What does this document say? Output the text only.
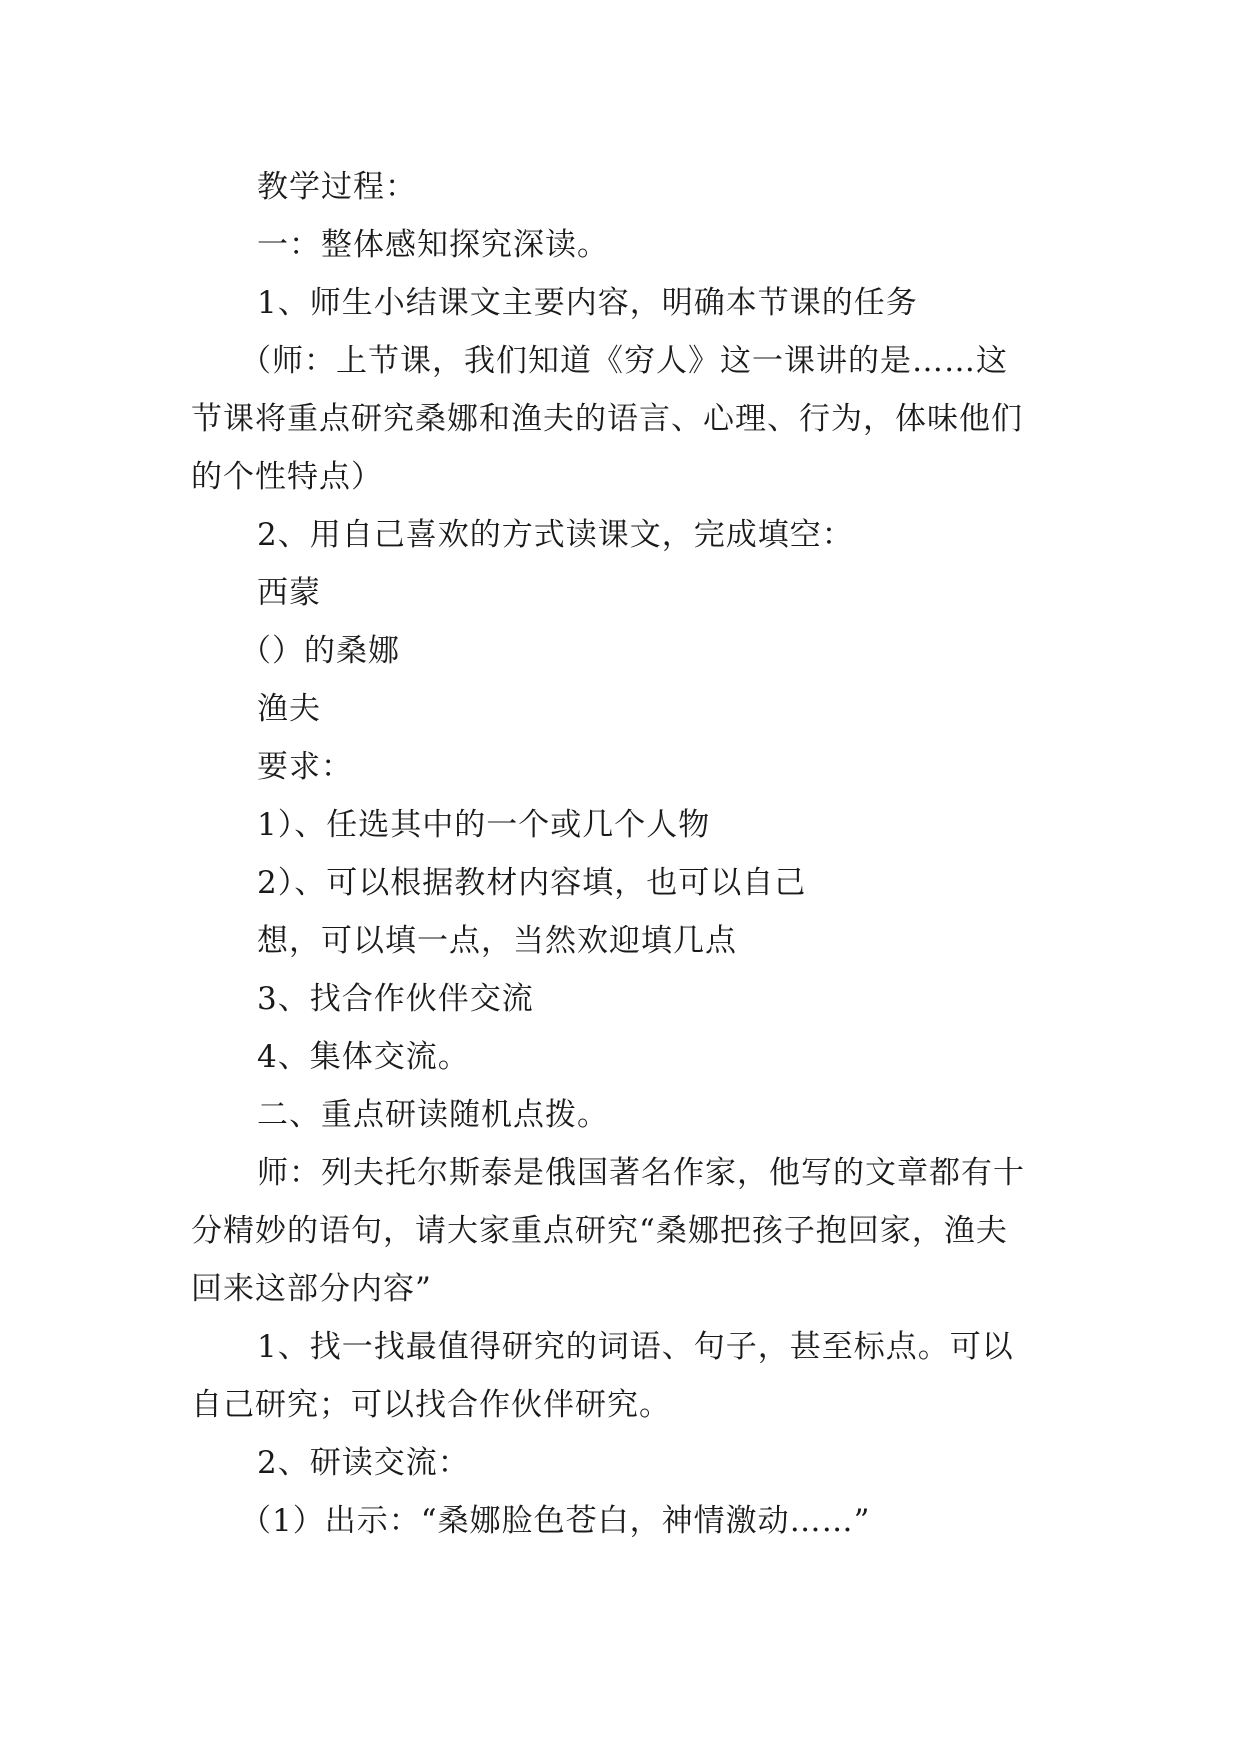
教学过程：
一：整体感知探究深读。
1、师生小结课文主要内容，明确本节课的任务
（师：上节课，我们知道《穷人》这一课讲的是……这
节课将重点研究桑娜和渔夫的语言、心理、行为，体味他们
的个性特点）
2、用自己喜欢的方式读课文，完成填空：
西蒙
（）的桑娜
渔夫
要求：
1）、任选其中的一个或几个人物
2）、可以根据教材内容填，也可以自己
想，可以填一点，当然欢迎填几点
3、找合作伙伴交流
4、集体交流。
二、重点研读随机点拨。
师：列夫托尔斯泰是俄国著名作家，他写的文章都有十
分精妙的语句，请大家重点研究“桑娜把孩子抱回家，渔夫
回来这部分内容”
1、找一找最值得研究的词语、句子，甚至标点。可以
自己研究；可以找合作伙伴研究。
2、研读交流：
（1）出示：“桑娜脸色苍白，神情激动……”
